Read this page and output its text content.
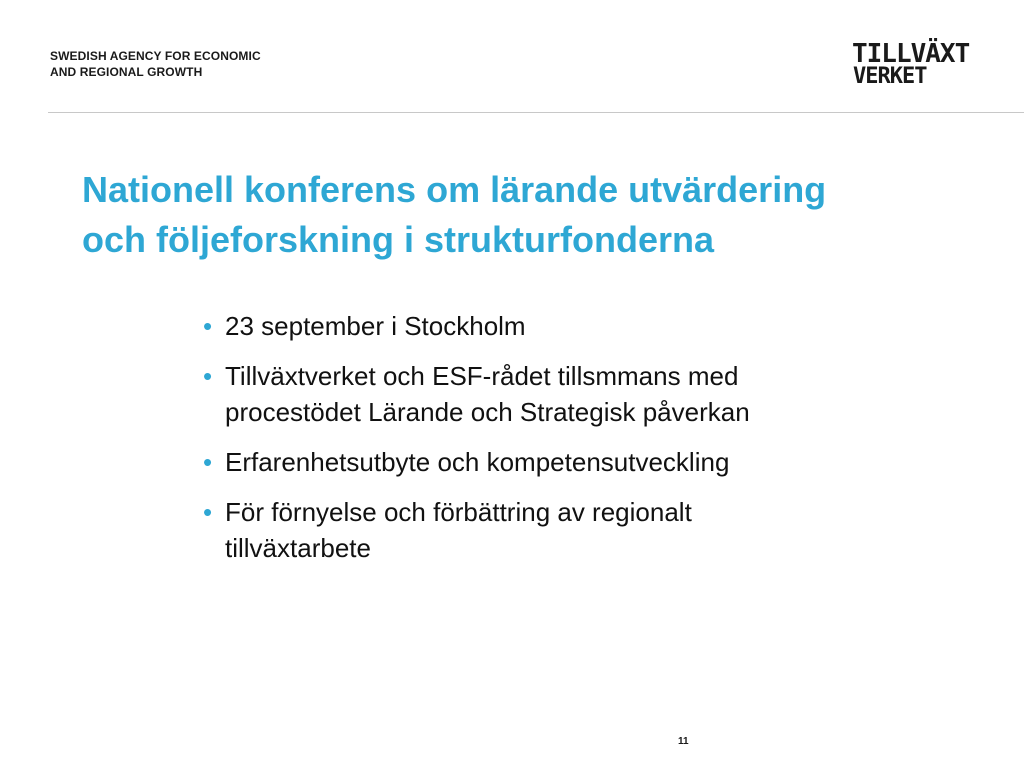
SWEDISH AGENCY FOR ECONOMIC
AND REGIONAL GROWTH
TILLVÄXT
VERKET
Nationell konferens om lärande utvärdering
och följeforskning i strukturfonderna
• 23 september i Stockholm
• Tillväxtverket och ESF-rådet tillsmmans med
procestödet Lärande och Strategisk påverkan
• Erfarenhetsutbyte och kompetensutveckling
• För förnyelse och förbättring av regionalt
tillväxtarbete
11
